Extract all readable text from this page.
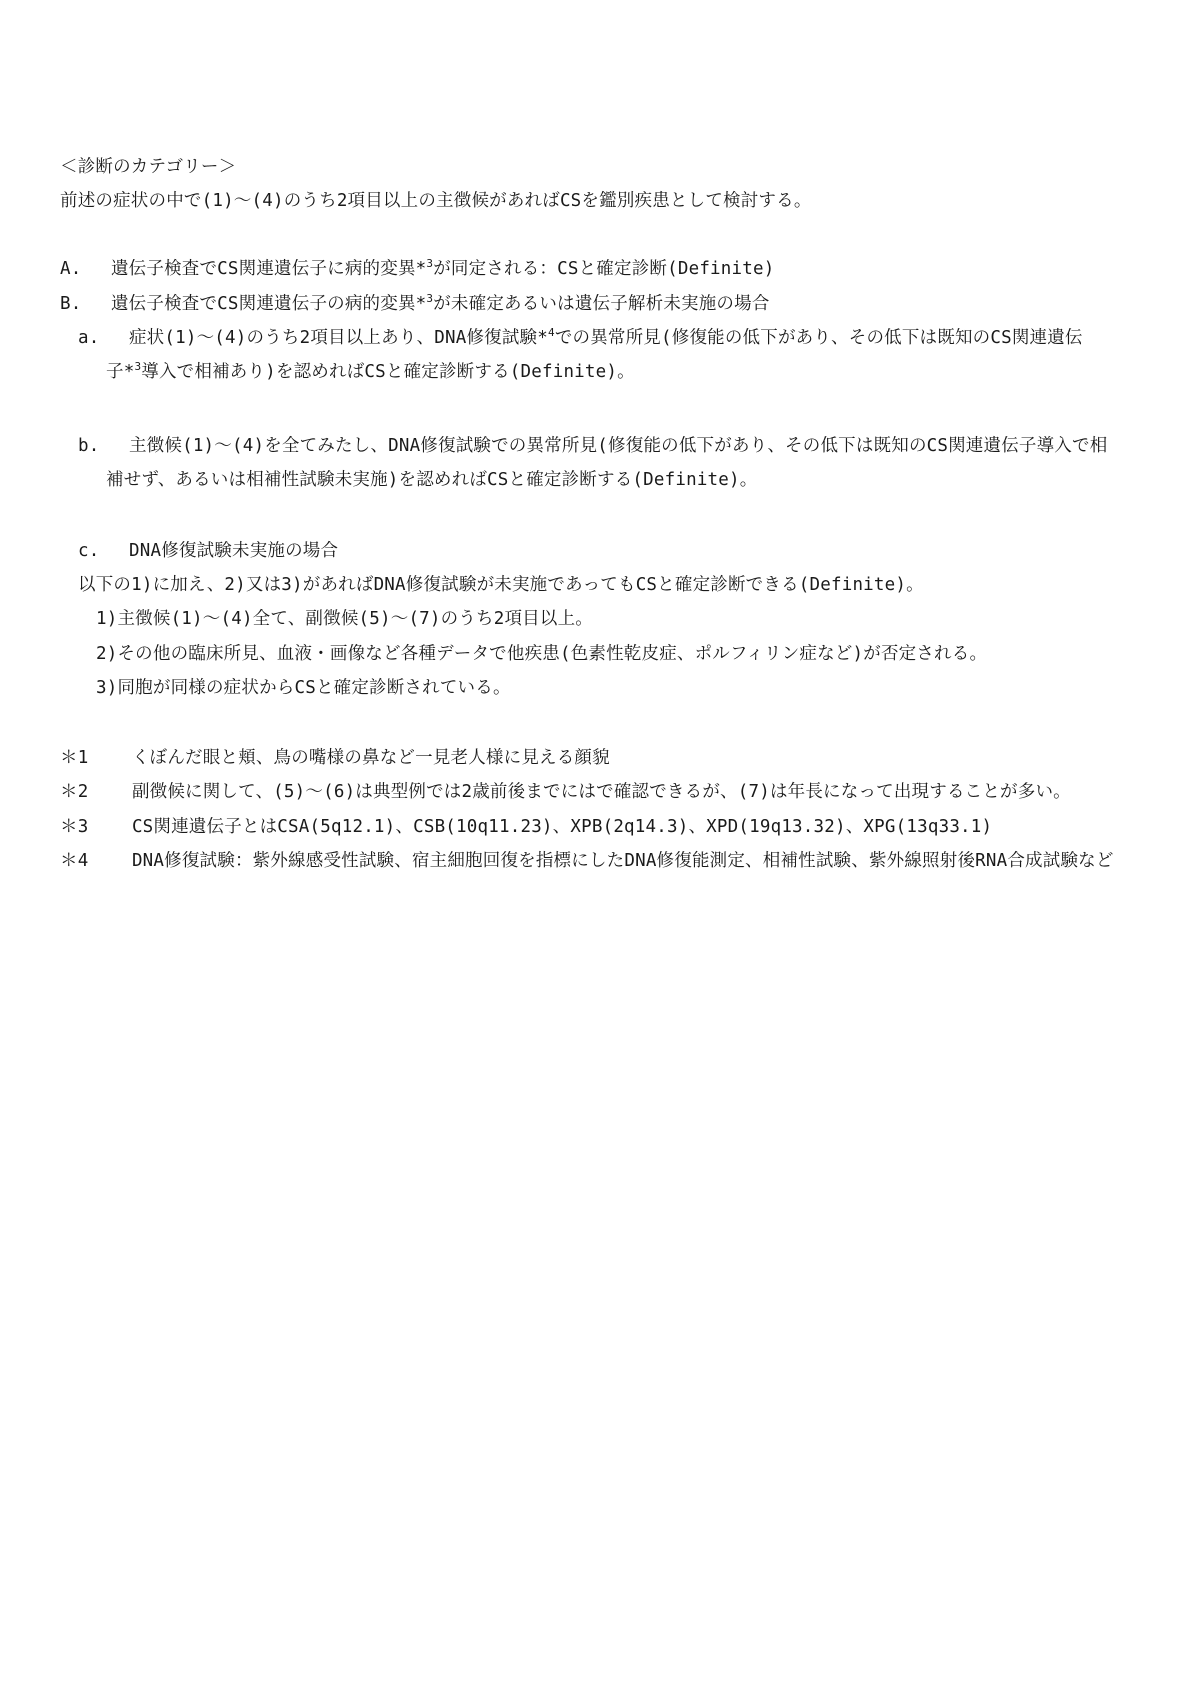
＜診断のカテゴリー＞
前述の症状の中で(1)～(4)のうち2項目以上の主徴候があればCSを鑑別疾患として検討する。
A. 遺伝子検査でCS関連遺伝子に病的変異*$^3$が同定される：CSと確定診断(Definite)
B. 遺伝子検査でCS関連遺伝子の病的変異*$^3$が未確定あるいは遺伝子解析未実施の場合
a. 症状(1)～(4)のうち2項目以上あり、DNA修復試験*$^4$での異常所見(修復能の低下があり、その低下は既知のCS関連遺伝
子*$^3$導入で相補あり)を認めればCSと確定診断する(Definite)。
b. 主徴候(1)～(4)を全てみたし、DNA修復試験での異常所見(修復能の低下があり、その低下は既知のCS関連遺伝子導入で相
補せず、あるいは相補性試験未実施)を認めればCSと確定診断する(Definite)。
c. DNA修復試験未実施の場合
以下の1)に加え、2)又は3)があればDNA修復試験が未実施であってもCSと確定診断できる(Definite)。
1)主徴候(1)～(4)全て、副徴候(5)～(7)のうち2項目以上。
2)その他の臨床所見、血液・画像など各種データで他疾患(色素性乾皮症、ポルフィリン症など)が否定される。
3)同胞が同様の症状からCSと確定診断されている。
＊1 くぼんだ眼と頬、鳥の嘴様の鼻など一見老人様に見える顔貌
＊2 副徴候に関して、(5)～(6)は典型例では2歳前後までにはで確認できるが、(7)は年長になって出現することが多い。
＊3 CS関連遺伝子とはCSA(5q12.1)、CSB(10q11.23)、XPB(2q14.3)、XPD(19q13.32)、XPG(13q33.1)
＊4 DNA修復試験：紫外線感受性試験、宿主細胞回復を指標にしたDNA修復能測定、相補性試験、紫外線照射後RNA合成試験など
